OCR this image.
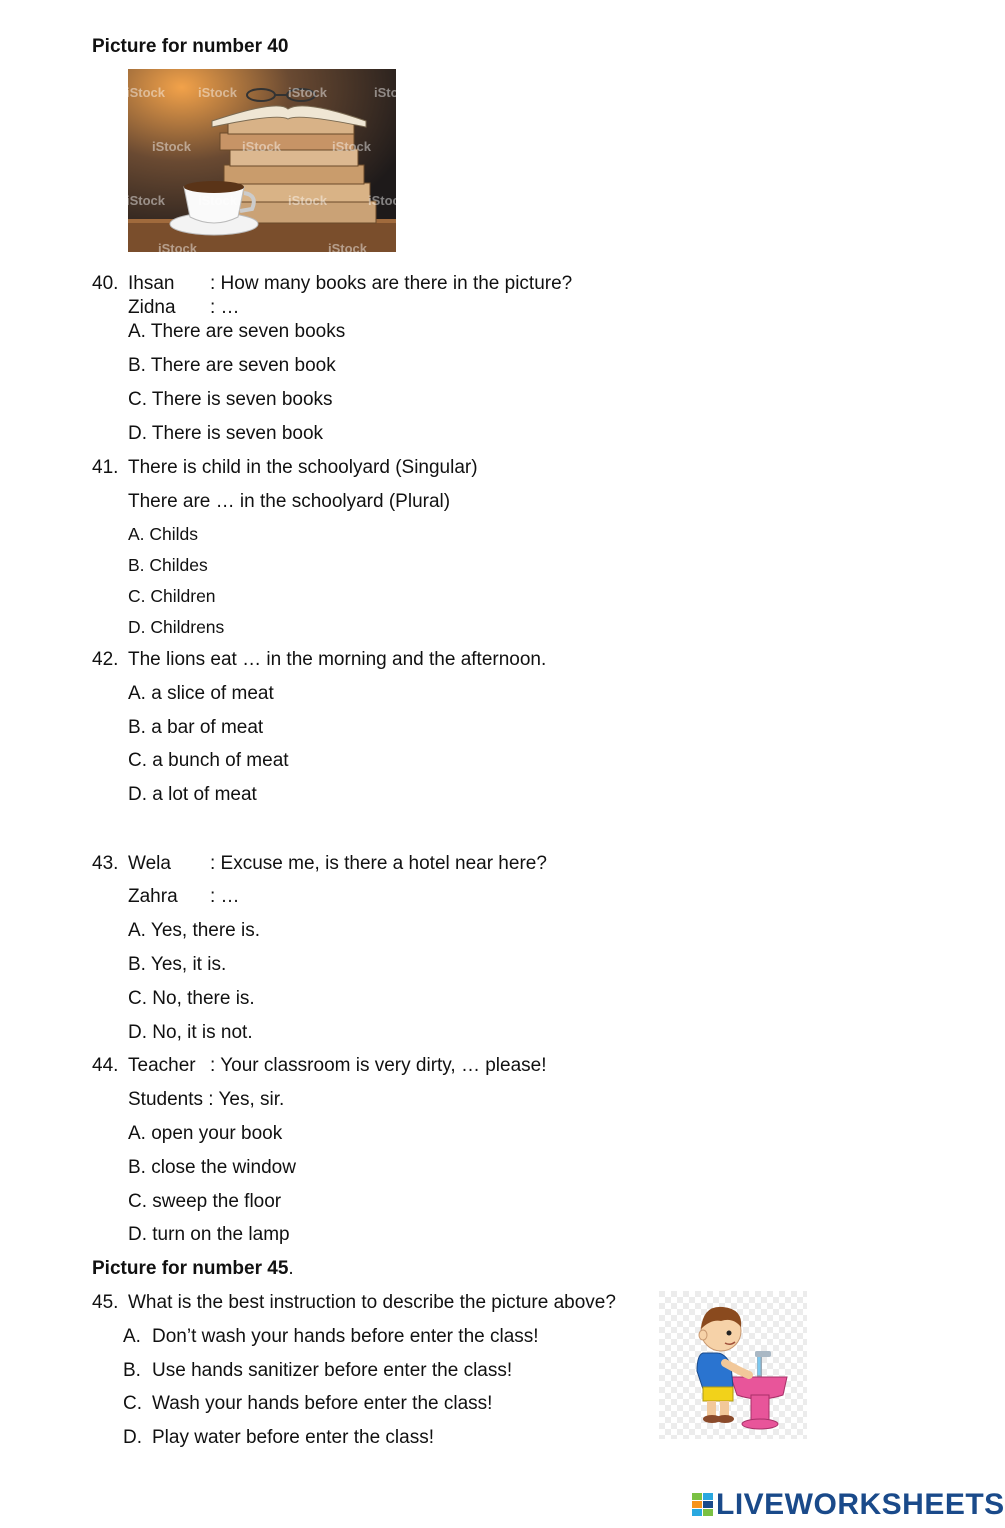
Picture for number 40
iStock	iStock	iStock	iStock
iStock	iStock	iStock
iStock	iStock	iStock	iStock
iStock	iStock
40. Ihsan : How many books are there in the picture?
Zidna : …
A. There are seven books
B. There are seven book
C. There is seven books
D. There is seven book
41. There is child in the schoolyard (Singular)
There are … in the schoolyard (Plural)
A. Childs
B. Childes
C. Children
D. Childrens
42. The lions eat … in the morning and the afternoon.
A. a slice of meat
B. a bar of meat
C. a bunch of meat
D. a lot of meat
43. Wela : Excuse me, is there a hotel near here?
Zahra : …
A. Yes, there is.
B. Yes, it is.
C. No, there is.
D. No, it is not.
44. Teacher : Your classroom is very dirty, … please!
Students : Yes, sir.
A. open your book
B. close the window
C. sweep the floor
D. turn on the lamp
Picture for number 45.
45. What is the best instruction to describe the picture above?
A. Don’t wash your hands before enter the class!
B. Use hands sanitizer before enter the class!
C. Wash your hands before enter the class!
D. Play water before enter the class!
LIVEWORKSHEETS
